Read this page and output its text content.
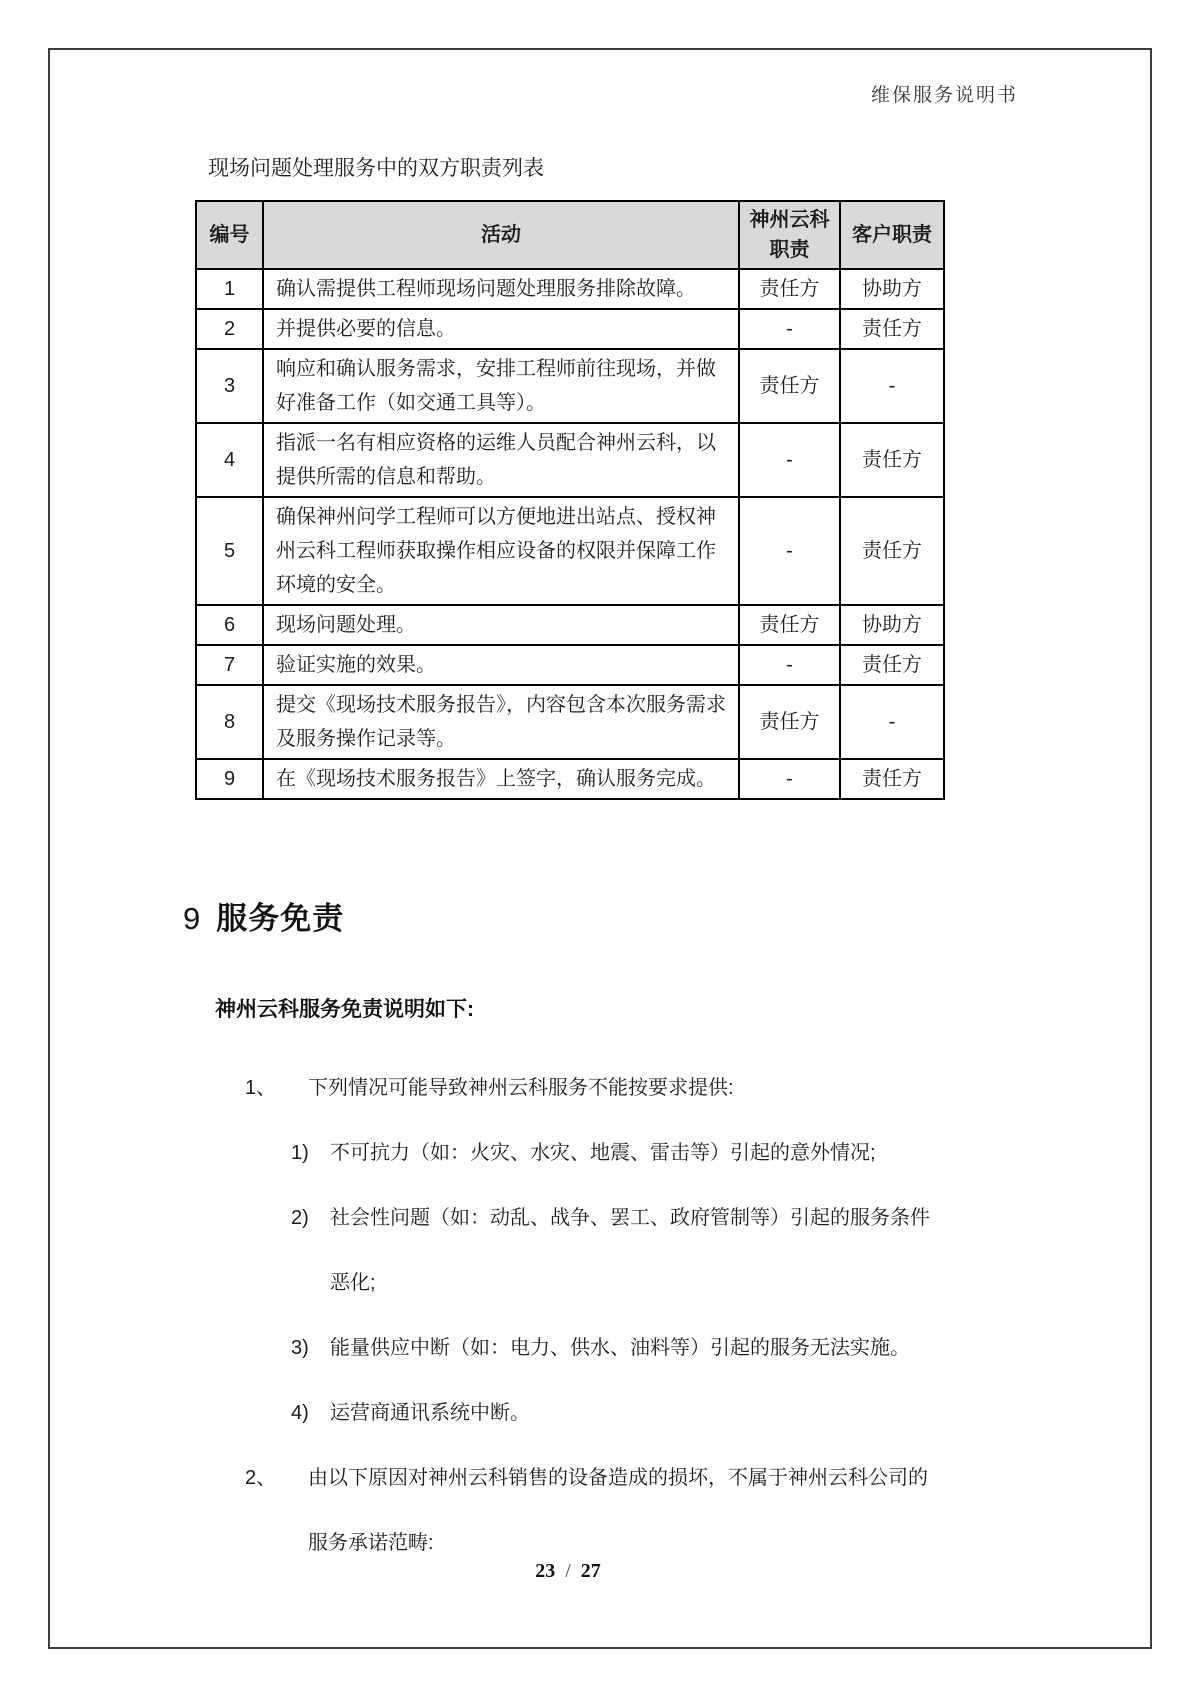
维保服务说明书
现场问题处理服务中的双方职责列表
编号	活动	神州云科职责	客户职责
1	确认需提供工程师现场问题处理服务排除故障。	责任方	协助方
2	并提供必要的信息。	-	责任方
3	响应和确认服务需求，安排工程师前往现场，并做好准备工作（如交通工具等）。	责任方	-
4	指派一名有相应资格的运维人员配合神州云科，以提供所需的信息和帮助。	-	责任方
5	确保神州问学工程师可以方便地进出站点、授权神州云科工程师获取操作相应设备的权限并保障工作环境的安全。	-	责任方
6	现场问题处理。	责任方	协助方
7	验证实施的效果。	-	责任方
8	提交《现场技术服务报告》，内容包含本次服务需求及服务操作记录等。	责任方	-
9	在《现场技术服务报告》上签字，确认服务完成。	-	责任方
9 服务免责
神州云科服务免责说明如下:
1、	下列情况可能导致神州云科服务不能按要求提供:
1)	不可抗力（如：火灾、水灾、地震、雷击等）引起的意外情况;
2)	社会性问题（如：动乱、战争、罢工、政府管制等）引起的服务条件恶化;
3)	能量供应中断（如：电力、供水、油料等）引起的服务无法实施。
4)	运营商通讯系统中断。
2、	由以下原因对神州云科销售的设备造成的损坏，不属于神州云科公司的服务承诺范畴:
23 / 27
